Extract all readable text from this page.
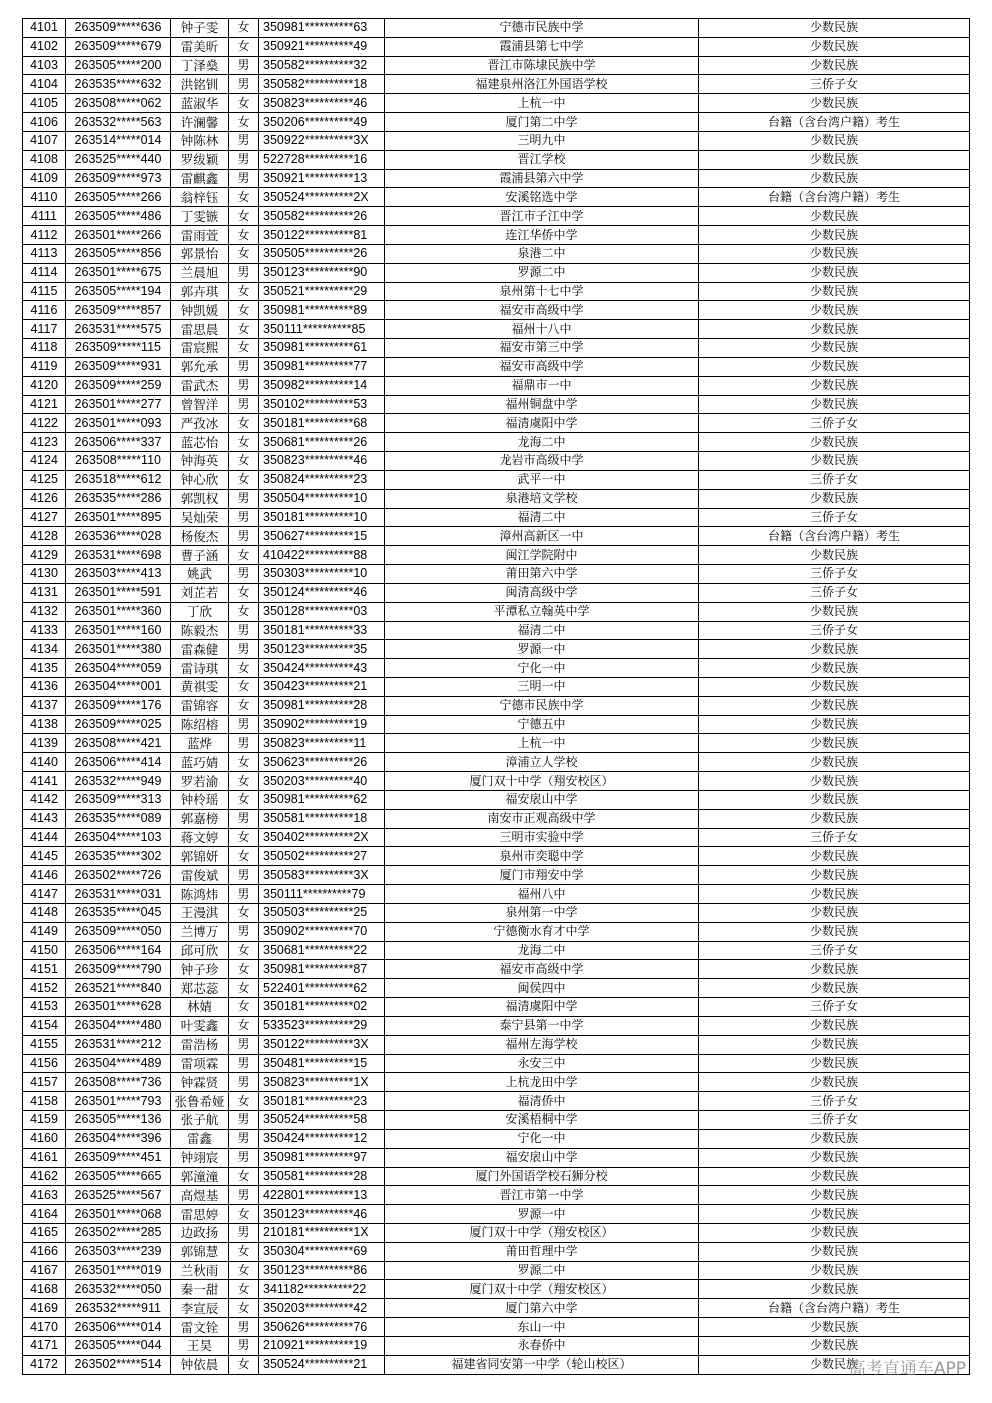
4101	263509*****636	钟子雯	女	350981**********63	宁德市民族中学	少数民族
4102	263509*****679	雷美昕	女	350921**********49	霞浦县第七中学	少数民族
4103	263505*****200	丁泽燊	男	350582**********32	晋江市陈埭民族中学	少数民族
4104	263535*****632	洪铭钏	男	350582**********18	福建泉州洛江外国语学校	三侨子女
4105	263508*****062	蓝淑华	女	350823**********46	上杭一中	少数民族
4106	263532*****563	许澜馨	女	350206**********49	厦门第二中学	台籍（含台湾户籍）考生
4107	263514*****014	钟陈林	男	350922**********3X	三明九中	少数民族
4108	263525*****440	罗绂颖	男	522728**********16	晋江学校	少数民族
4109	263509*****973	雷麒鑫	男	350921**********13	霞浦县第六中学	少数民族
4110	263505*****266	翁梓钰	女	350524**********2X	安溪铭选中学	台籍（含台湾户籍）考生
4111	263505*****486	丁雯镞	女	350582**********26	晋江市子江中学	少数民族
4112	263501*****266	雷雨萱	女	350122**********81	连江华侨中学	少数民族
4113	263505*****856	郭景怡	女	350505**********26	泉港二中	少数民族
4114	263501*****675	兰晨旭	男	350123**********90	罗源二中	少数民族
4115	263505*****194	郭卉琪	女	350521**********29	泉州第十七中学	少数民族
4116	263509*****857	钟凯媛	女	350981**********89	福安市高级中学	少数民族
4117	263531*****575	雷思晨	女	350111**********85	福州十八中	少数民族
4118	263509*****115	雷宸熙	女	350981**********61	福安市第三中学	少数民族
4119	263509*****931	郭允承	男	350981**********77	福安市高级中学	少数民族
4120	263509*****259	雷武杰	男	350982**********14	福鼎市一中	少数民族
4121	263501*****277	曾智洋	男	350102**********53	福州铜盘中学	少数民族
4122	263501*****093	严孜冰	女	350181**********68	福清虞阳中学	三侨子女
4123	263506*****337	蓝芯怡	女	350681**********26	龙海二中	少数民族
4124	263508*****110	钟海英	女	350823**********46	龙岩市高级中学	少数民族
4125	263518*****612	钟心欣	女	350824**********23	武平一中	三侨子女
4126	263535*****286	郭凯权	男	350504**********10	泉港培文学校	少数民族
4127	263501*****895	吴灿荣	男	350181**********10	福清二中	三侨子女
4128	263536*****028	杨俊杰	男	350627**********15	漳州高新区一中	台籍（含台湾户籍）考生
4129	263531*****698	曹子涵	女	410422**********88	闽江学院附中	少数民族
4130	263503*****413	姚武	男	350303**********10	莆田第六中学	三侨子女
4131	263501*****591	刘芷若	女	350124**********46	闽清高级中学	三侨子女
4132	263501*****360	丁欣	女	350128**********03	平潭私立翰英中学	少数民族
4133	263501*****160	陈毅杰	男	350181**********33	福清二中	三侨子女
4134	263501*****380	雷森健	男	350123**********35	罗源一中	少数民族
4135	263504*****059	雷诗琪	女	350424**********43	宁化一中	少数民族
4136	263504*****001	黄祺雯	女	350423**********21	三明一中	少数民族
4137	263509*****176	雷锦容	女	350981**********28	宁德市民族中学	少数民族
4138	263509*****025	陈绍榕	男	350902**********19	宁德五中	少数民族
4139	263508*****421	蓝烨	男	350823**********11	上杭一中	少数民族
4140	263506*****414	蓝巧婧	女	350623**********26	漳浦立人学校	少数民族
4141	263532*****949	罗若渝	女	350203**********40	厦门双十中学（翔安校区）	少数民族
4142	263509*****313	钟柃瑶	女	350981**********62	福安扆山中学	少数民族
4143	263535*****089	郭嘉榜	男	350581**********18	南安市正观高级中学	少数民族
4144	263504*****103	蒋文婷	女	350402**********2X	三明市实验中学	三侨子女
4145	263535*****302	郭锦妍	女	350502**********27	泉州市奕聪中学	少数民族
4146	263502*****726	雷俊斌	男	350583**********3X	厦门市翔安中学	少数民族
4147	263531*****031	陈鸿炜	男	350111**********79	福州八中	少数民族
4148	263535*****045	王漫淇	女	350503**********25	泉州第一中学	少数民族
4149	263509*****050	兰博万	男	350902**********70	宁德衡水育才中学	少数民族
4150	263506*****164	邱可欣	女	350681**********22	龙海二中	三侨子女
4151	263509*****790	钟子珍	女	350981**********87	福安市高级中学	少数民族
4152	263521*****840	郑芯蕊	女	522401**********62	闽侯四中	少数民族
4153	263501*****628	林婧	女	350181**********02	福清虞阳中学	三侨子女
4154	263504*****480	叶雯鑫	女	533523**********29	泰宁县第一中学	少数民族
4155	263531*****212	雷浩杨	男	350122**********3X	福州左海学校	少数民族
4156	263504*****489	雷项霖	男	350481**********15	永安三中	少数民族
4157	263508*****736	钟霖贤	男	350823**********1X	上杭龙田中学	少数民族
4158	263501*****793	张鲁希娅	女	350181**********23	福清侨中	三侨子女
4159	263505*****136	张子航	男	350524**********58	安溪梧桐中学	三侨子女
4160	263504*****396	雷鑫	男	350424**********12	宁化一中	少数民族
4161	263509*****451	钟翊宸	男	350981**********97	福安扆山中学	少数民族
4162	263505*****665	郭潼潼	女	350581**********28	厦门外国语学校石狮分校	少数民族
4163	263525*****567	高煜基	男	422801**********13	晋江市第一中学	少数民族
4164	263501*****068	雷思婷	女	350123**********46	罗源一中	少数民族
4165	263502*****285	边政扬	男	210181**********1X	厦门双十中学（翔安校区）	少数民族
4166	263503*****239	郭锦慧	女	350304**********69	莆田哲理中学	少数民族
4167	263501*****019	兰秋雨	女	350123**********86	罗源二中	少数民族
4168	263532*****050	秦一甜	女	341182**********22	厦门双十中学（翔安校区）	少数民族
4169	263532*****911	李宣辰	女	350203**********42	厦门第六中学	台籍（含台湾户籍）考生
4170	263506*****014	雷文铨	男	350626**********76	东山一中	少数民族
4171	263505*****044	王昊	男	210921**********19	永春侨中	少数民族
4172	263502*****514	钟依晨	女	350524**********21	福建省同安第一中学（轮山校区）	少数民族
高考直通车APP
